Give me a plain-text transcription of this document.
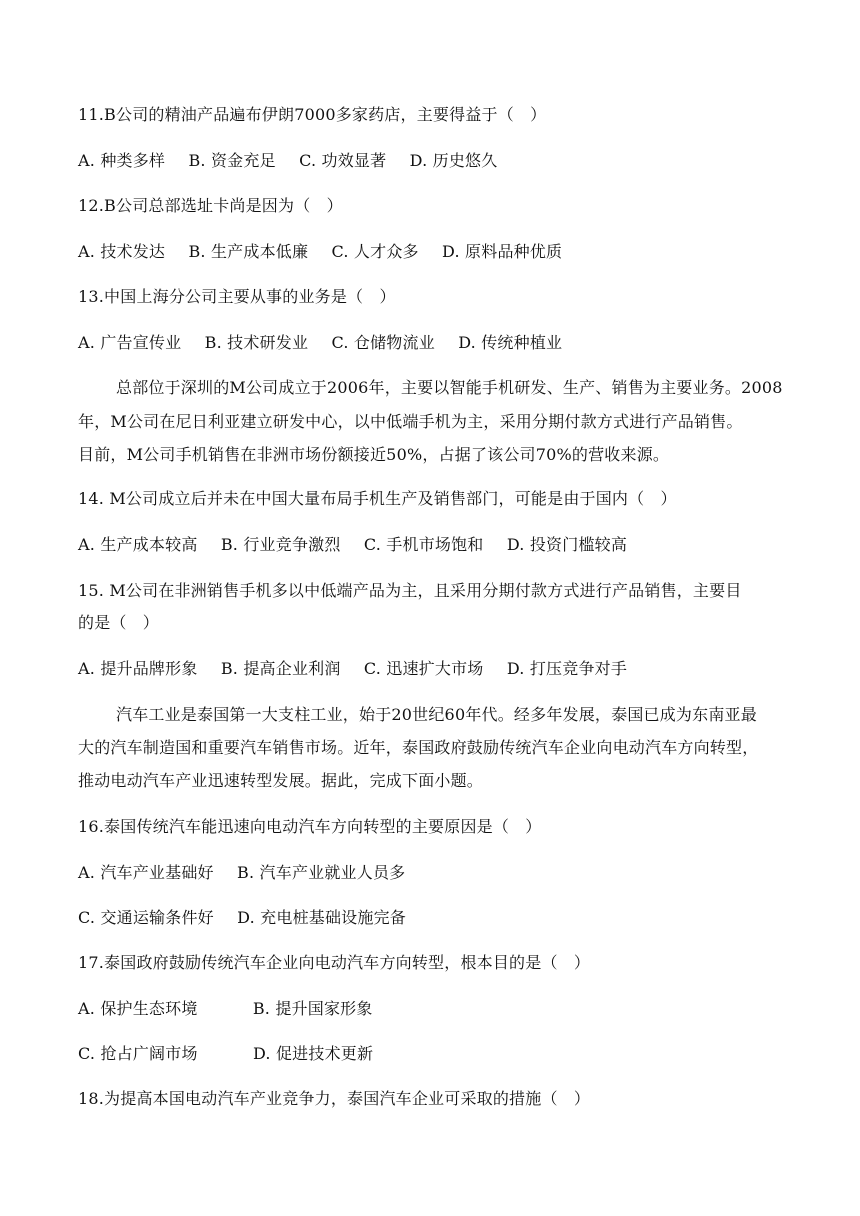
11.B公司的精油产品遍布伊朗7000多家药店，主要得益于（　）
A. 种类多样 B. 资金充足 C. 功效显著 D. 历史悠久
12.B公司总部选址卡尚是因为（　）
A. 技术发达 B. 生产成本低廉 C. 人才众多 D. 原料品种优质
13.中国上海分公司主要从事的业务是（　）
A. 广告宣传业 B. 技术研发业 C. 仓储物流业 D. 传统种植业
总部位于深圳的M公司成立于2006年，主要以智能手机研发、生产、销售为主要业务。2008
年，M公司在尼日利亚建立研发中心，以中低端手机为主，采用分期付款方式进行产品销售。
目前，M公司手机销售在非洲市场份额接近50%，占据了该公司70%的营收来源。
14. M公司成立后并未在中国大量布局手机生产及销售部门，可能是由于国内（　）
A. 生产成本较高 B. 行业竞争激烈 C. 手机市场饱和 D. 投资门槛较高
15. M公司在非洲销售手机多以中低端产品为主，且采用分期付款方式进行产品销售，主要目
的是（　）
A. 提升品牌形象 B. 提高企业利润 C. 迅速扩大市场 D. 打压竞争对手
汽车工业是泰国第一大支柱工业，始于20世纪60年代。经多年发展，泰国已成为东南亚最
大的汽车制造国和重要汽车销售市场。近年，泰国政府鼓励传统汽车企业向电动汽车方向转型，
推动电动汽车产业迅速转型发展。据此，完成下面小题。
16.泰国传统汽车能迅速向电动汽车方向转型的主要原因是（　）
A. 汽车产业基础好 B. 汽车产业就业人员多
C. 交通运输条件好 D. 充电桩基础设施完备
17.泰国政府鼓励传统汽车企业向电动汽车方向转型，根本目的是（　）
A. 保护生态环境	B. 提升国家形象
C. 抢占广阔市场	D. 促进技术更新
18.为提高本国电动汽车产业竞争力，泰国汽车企业可采取的措施（　）
